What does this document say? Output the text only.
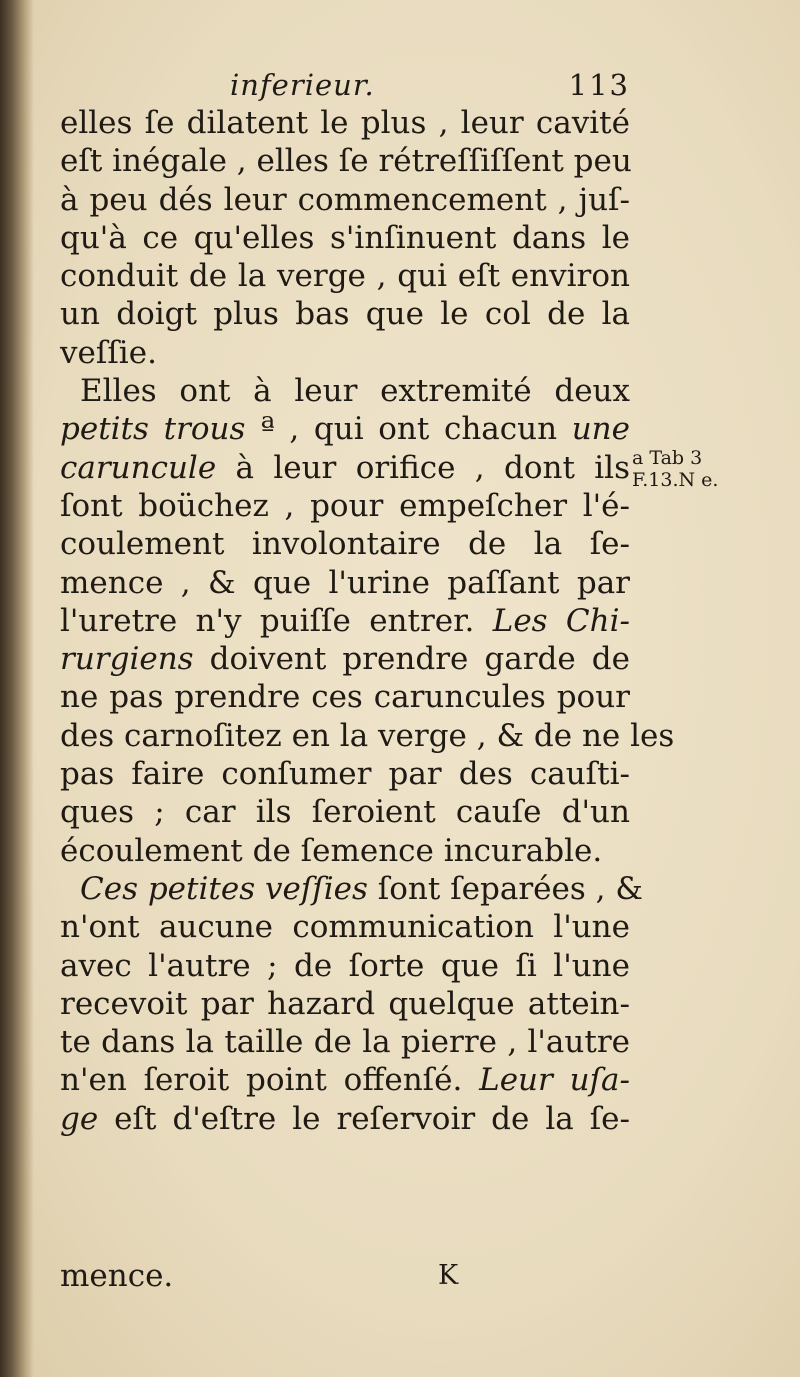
inferieur.	113
elles ſe dilatent le plus , leur cavité
eſt inégale , elles ſe rétreſſiſſent peu
à peu dés leur commencement , juſ-
qu'à ce qu'elles s'inſinuent dans le
conduit de la verge , qui eſt environ
un doigt plus bas que le col de la
veſſie.
Elles ont à leur extremité deux
petits trous ª , qui ont chacun une
caruncule à leur orifice , dont ils
ſont boüchez , pour empeſcher l'é-
coulement involontaire de la ſe-
mence , & que l'urine paſſant par
l'uretre n'y puiſſe entrer. Les Chi-
rurgiens doivent prendre garde de
ne pas prendre ces caruncules pour
des carnoſitez en la verge , & de ne les
pas faire conſumer par des cauſti-
ques ; car ils ſeroient cauſe d'un
écoulement de ſemence incurable.
Ces petites veſſies ſont ſeparées , &
n'ont aucune communication l'une
avec l'autre ; de ſorte que ſi l'une
recevoit par hazard quelque attein-
te dans la taille de la pierre , l'autre
n'en ſeroit point offenſé. Leur uſa-
ge eſt d'eſtre le reſervoir de la ſe-
a Tab 3
F.13.N e.
mence.	K
